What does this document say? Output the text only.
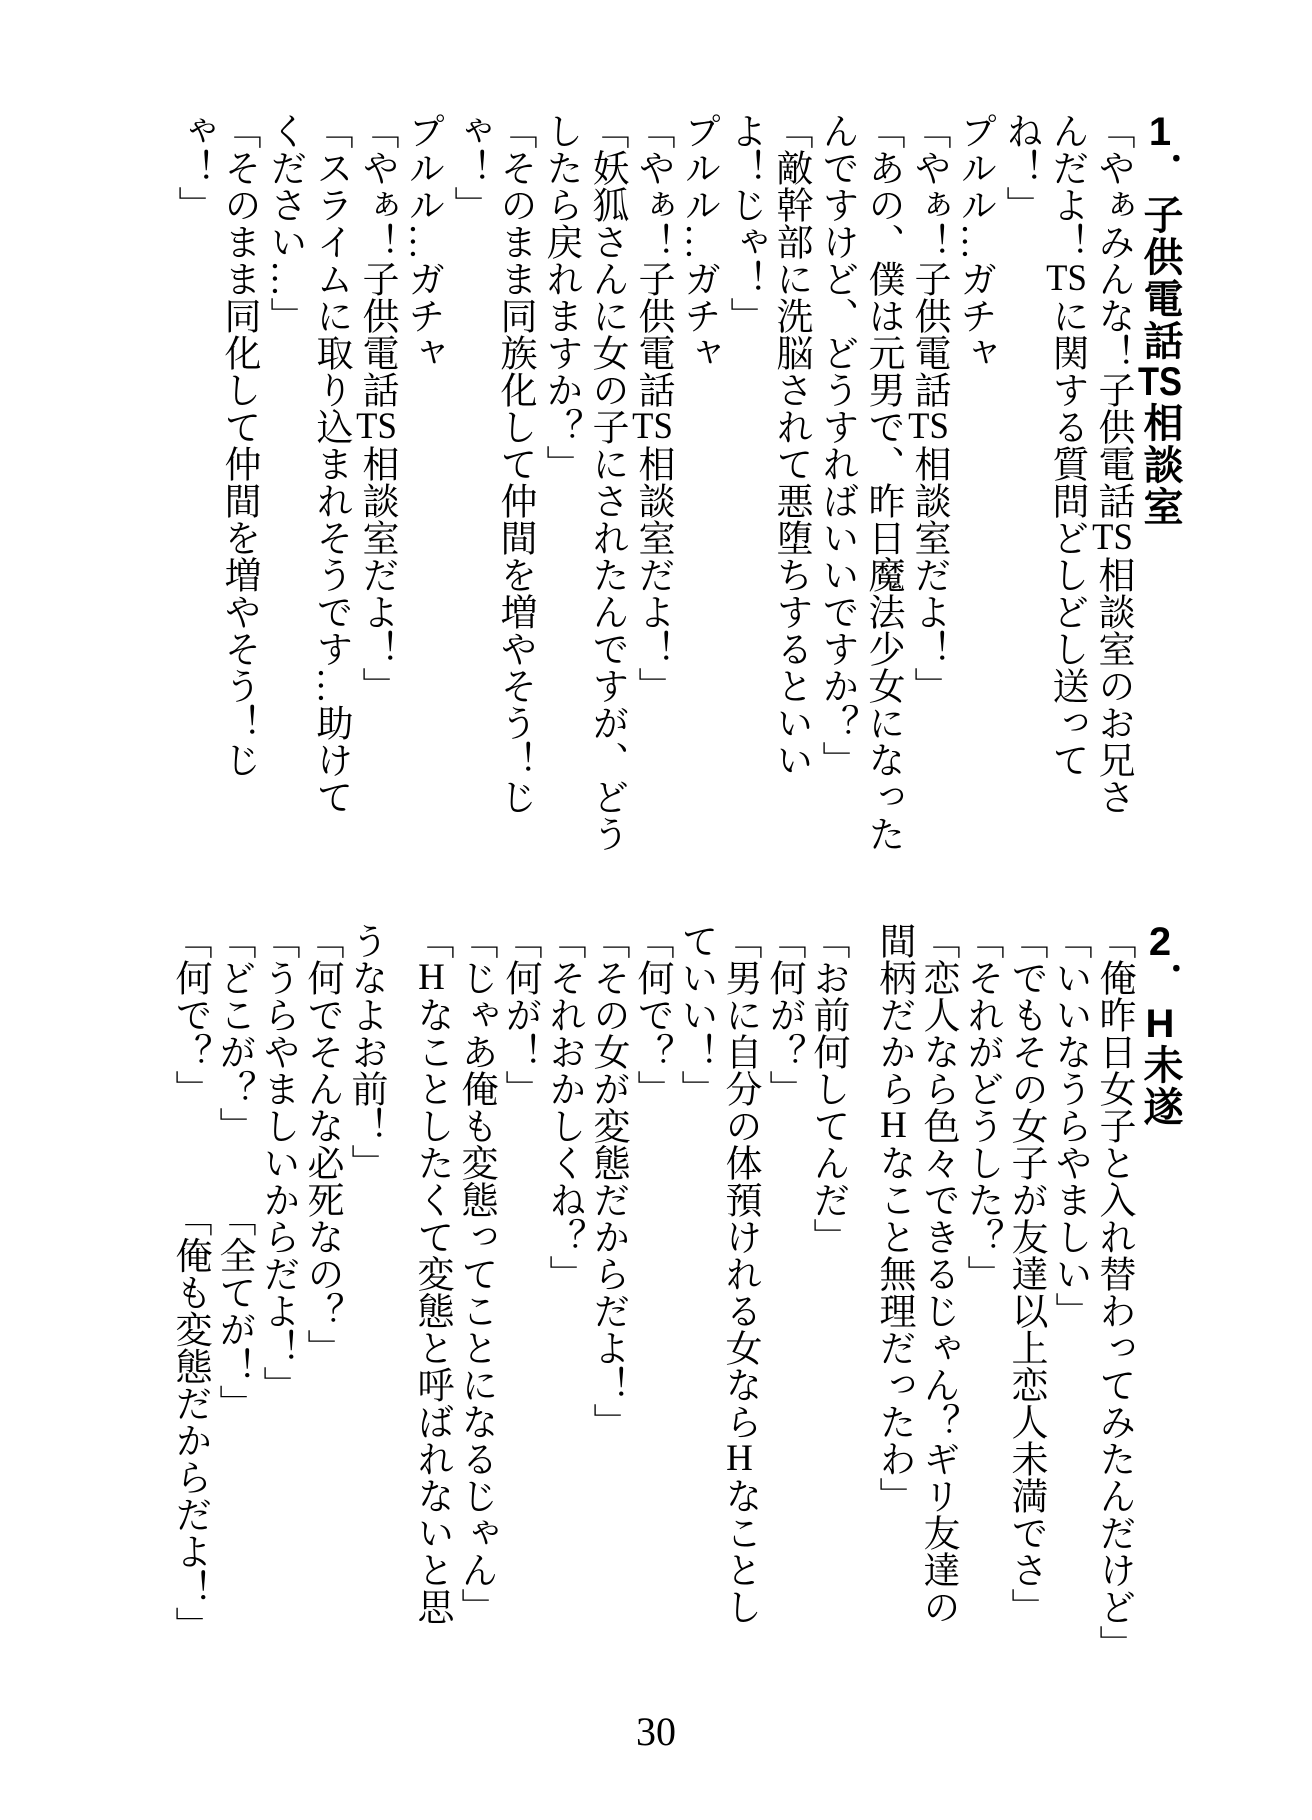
1．子供電話TS相談室

「やぁみんな！子供電話TS相談室のお兄さ

んだよ！TSに関する質問どしどし送って

ね！」

プルル…ガチャ

「やぁ！子供電話TS相談室だよ！」

「あの、僕は元男で、昨日魔法少女になった

んですけど、どうすればいいですか？」

「敵幹部に洗脳されて悪堕ちするといい

よ！じゃ！」

プルル…ガチャ

「やぁ！子供電話TS相談室だよ！」

「妖狐さんに女の子にされたんですが、どう

したら戻れますか？」

「そのまま同族化して仲間を増やそう！じ

ゃ！」

プルル…ガチャ

「やぁ！子供電話TS相談室だよ！」

「スライムに取り込まれそうです…助けて

ください…」

「そのまま同化して仲間を増やそう！じ

ゃ！」

2．H未遂

「俺昨日女子と入れ替わってみたんだけど」

「いいなうらやましい」

「でもその女子が友達以上恋人未満でさ」

「それがどうした？」

「恋人なら色々できるじゃん？ギリ友達の

間柄だからHなこと無理だったわ」

「お前何してんだ」

「何が？」

「男に自分の体預けれる女ならHなことし

ていい！」

「何で？」

「その女が変態だからだよ！」

「それおかしくね？」

「何が！」

「じゃあ俺も変態ってことになるじゃん」

「Hなことしたくて変態と呼ばれないと思

うなよお前！」

「何でそんな必死なの？」

「うらやましいからだよ！」

「どこが？」「全てが！」

「何で？」「俺も変態だからだよ！」

30
